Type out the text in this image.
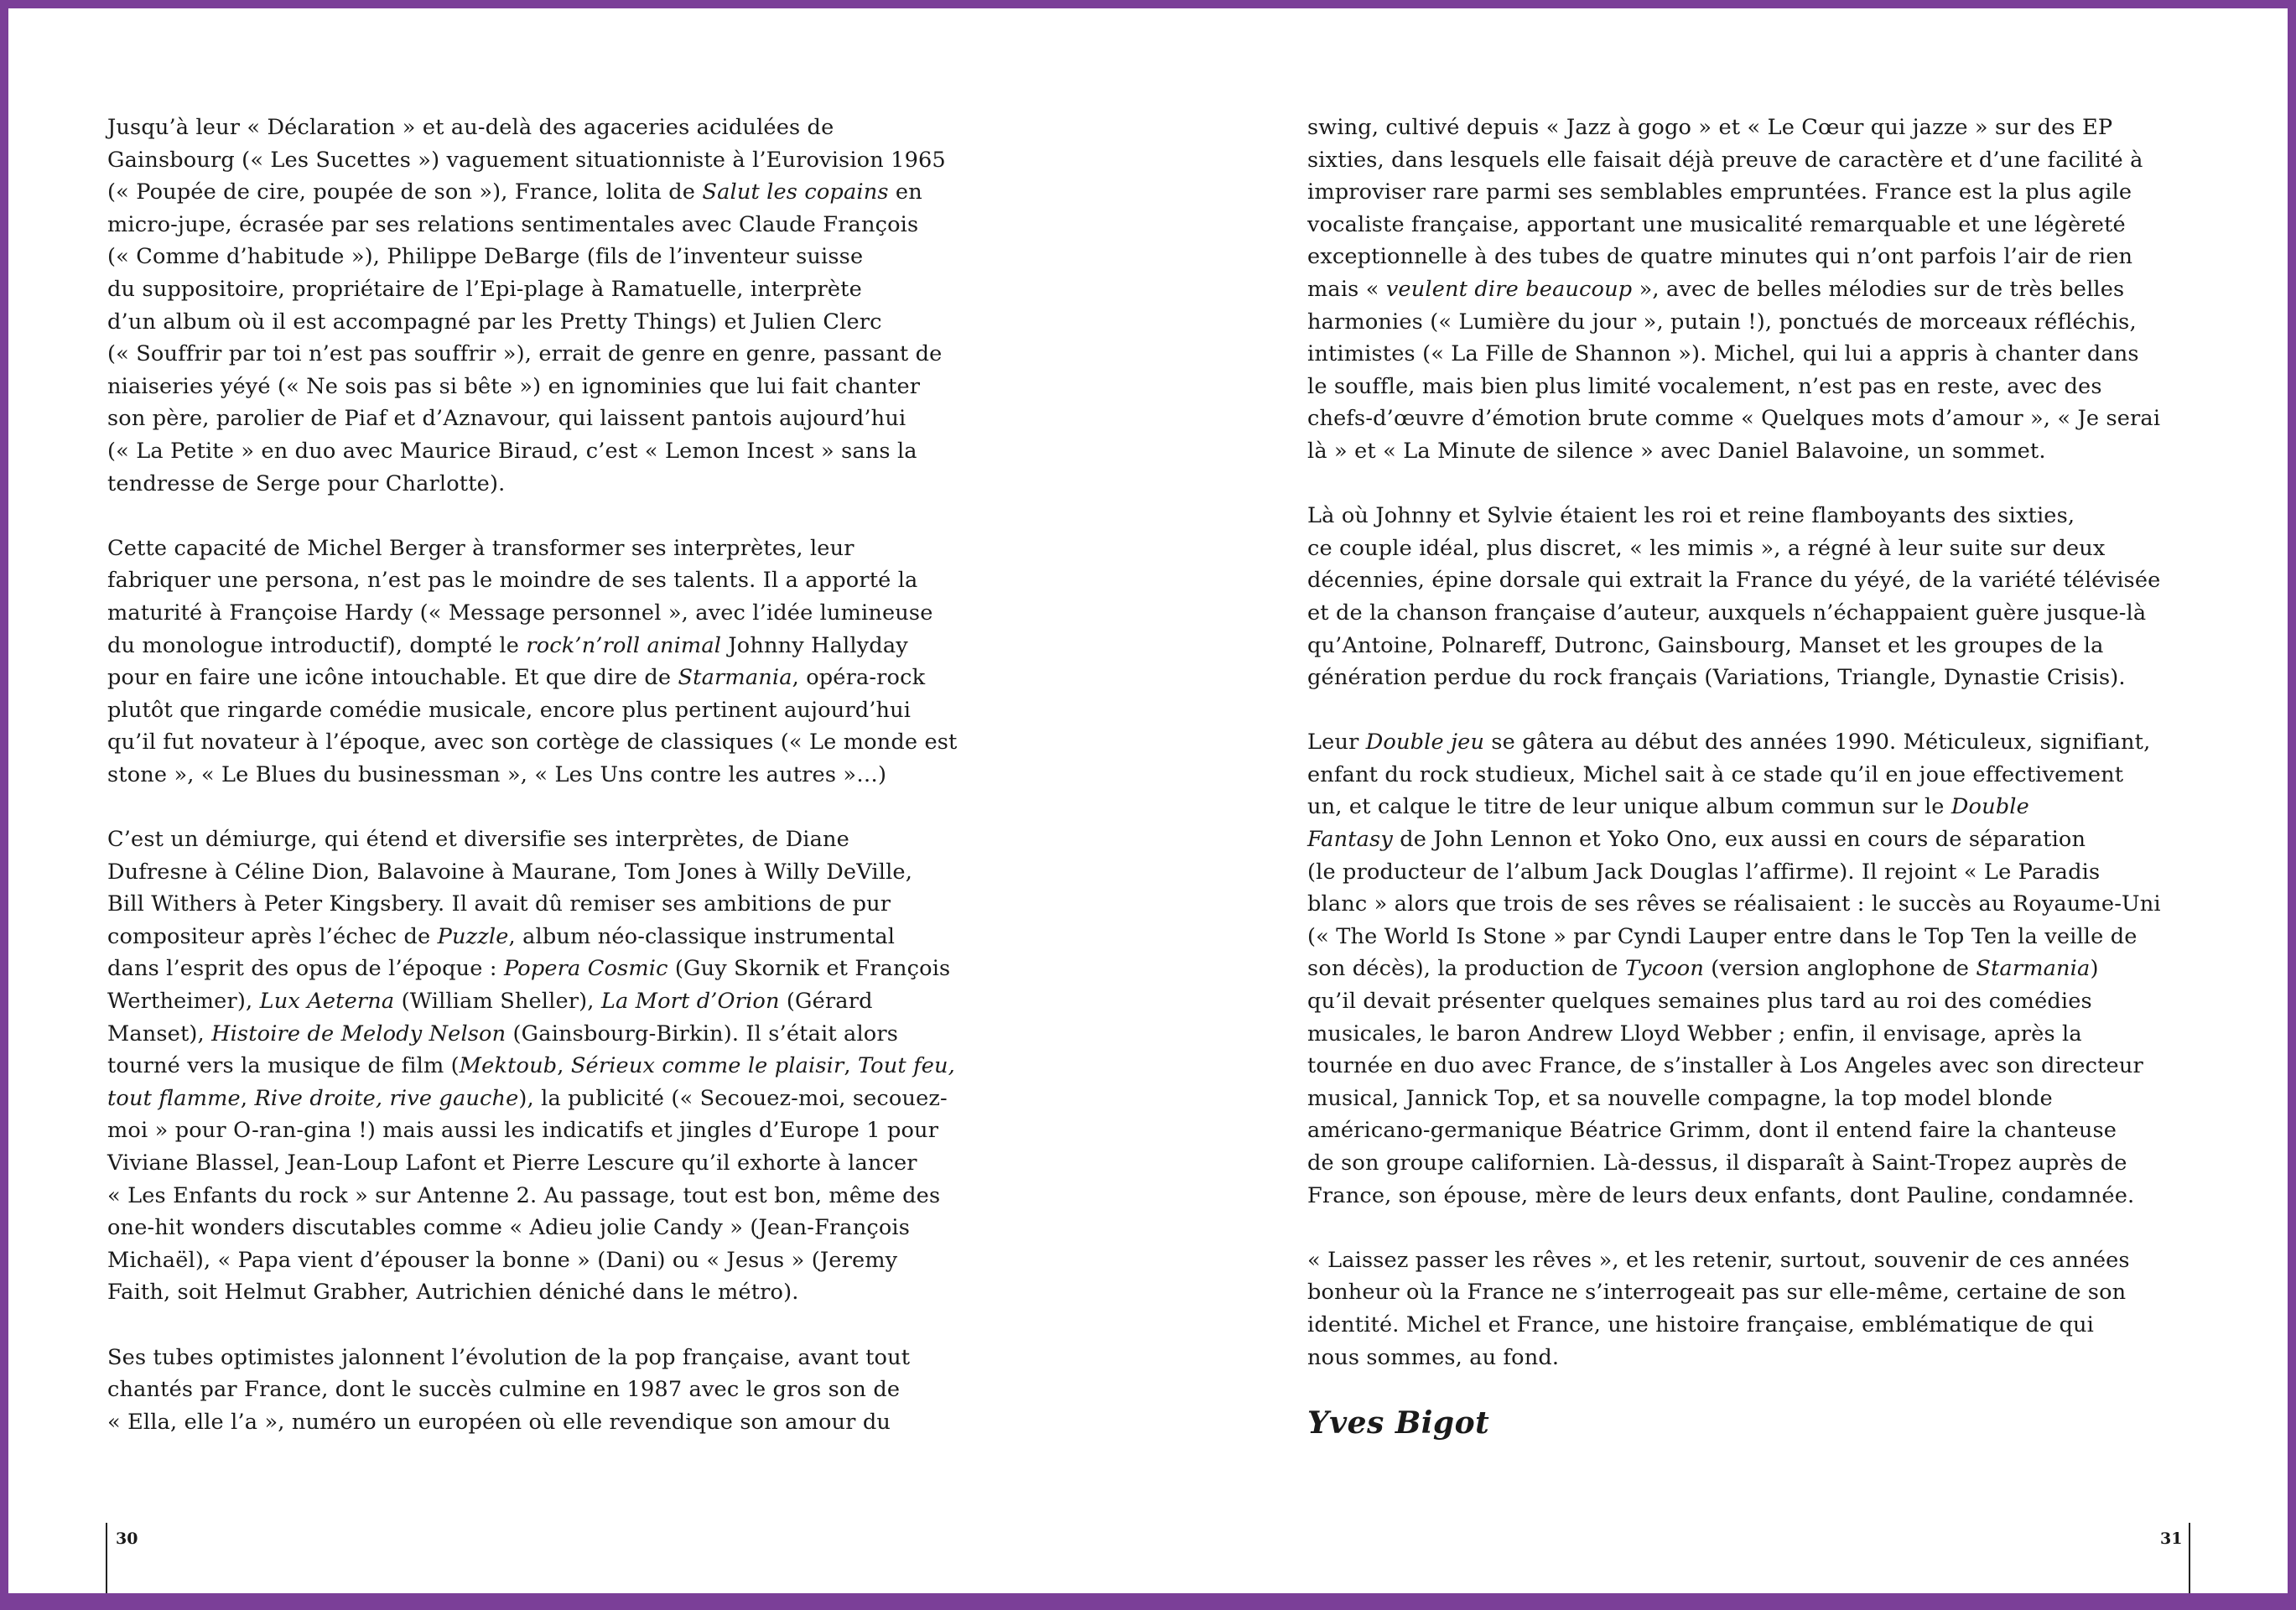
Jusqu’à leur « Déclaration » et au-delà des agaceries acidulées de
Gainsbourg (« Les Sucettes ») vaguement situationniste à l’Eurovision 1965
(« Poupée de cire, poupée de son »), France, lolita de Salut les copains en
micro-jupe, écrasée par ses relations sentimentales avec Claude François
(« Comme d’habitude »), Philippe DeBarge (fils de l’inventeur suisse
du suppositoire, propriétaire de l’Epi-plage à Ramatuelle, interprète
d’un album où il est accompagné par les Pretty Things) et Julien Clerc
(« Souffrir par toi n’est pas souffrir »), errait de genre en genre, passant de
niaiseries yéyé (« Ne sois pas si bête ») en ignominies que lui fait chanter
son père, parolier de Piaf et d’Aznavour, qui laissent pantois aujourd’hui
(« La Petite » en duo avec Maurice Biraud, c’est « Lemon Incest » sans la
tendresse de Serge pour Charlotte).

Cette capacité de Michel Berger à transformer ses interprètes, leur
fabriquer une persona, n’est pas le moindre de ses talents. Il a apporté la
maturité à Françoise Hardy (« Message personnel », avec l’idée lumineuse
du monologue introductif), dompté le rock’n’roll animal Johnny Hallyday
pour en faire une icône intouchable. Et que dire de Starmania, opéra-rock
plutôt que ringarde comédie musicale, encore plus pertinent aujourd’hui
qu’il fut novateur à l’époque, avec son cortège de classiques (« Le monde est
stone », « Le Blues du businessman », « Les Uns contre les autres »…)

C’est un démiurge, qui étend et diversifie ses interprètes, de Diane
Dufresne à Céline Dion, Balavoine à Maurane, Tom Jones à Willy DeVille,
Bill Withers à Peter Kingsbery. Il avait dû remiser ses ambitions de pur
compositeur après l’échec de Puzzle, album néo-classique instrumental
dans l’esprit des opus de l’époque : Popera Cosmic (Guy Skornik et François
Wertheimer), Lux Aeterna (William Sheller), La Mort d’Orion (Gérard
Manset), Histoire de Melody Nelson (Gainsbourg-Birkin). Il s’était alors
tourné vers la musique de film (Mektoub, Sérieux comme le plaisir, Tout feu,
tout flamme, Rive droite, rive gauche), la publicité (« Secouez-moi, secouez-
moi » pour O-ran-gina !) mais aussi les indicatifs et jingles d’Europe 1 pour
Viviane Blassel, Jean-Loup Lafont et Pierre Lescure qu’il exhorte à lancer
« Les Enfants du rock » sur Antenne 2. Au passage, tout est bon, même des
one-hit wonders discutables comme « Adieu jolie Candy » (Jean-François
Michaël), « Papa vient d’épouser la bonne » (Dani) ou « Jesus » (Jeremy
Faith, soit Helmut Grabher, Autrichien déniché dans le métro).

Ses tubes optimistes jalonnent l’évolution de la pop française, avant tout
chantés par France, dont le succès culmine en 1987 avec le gros son de
« Ella, elle l’a », numéro un européen où elle revendique son amour du

swing, cultivé depuis « Jazz à gogo » et « Le Cœur qui jazze » sur des EP
sixties, dans lesquels elle faisait déjà preuve de caractère et d’une facilité à
improviser rare parmi ses semblables empruntées. France est la plus agile
vocaliste française, apportant une musicalité remarquable et une légèreté
exceptionnelle à des tubes de quatre minutes qui n’ont parfois l’air de rien
mais « veulent dire beaucoup », avec de belles mélodies sur de très belles
harmonies (« Lumière du jour », putain !), ponctués de morceaux réfléchis,
intimistes (« La Fille de Shannon »). Michel, qui lui a appris à chanter dans
le souffle, mais bien plus limité vocalement, n’est pas en reste, avec des
chefs-d’œuvre d’émotion brute comme « Quelques mots d’amour », « Je serai
là » et « La Minute de silence » avec Daniel Balavoine, un sommet.

Là où Johnny et Sylvie étaient les roi et reine flamboyants des sixties,
ce couple idéal, plus discret, « les mimis », a régné à leur suite sur deux
décennies, épine dorsale qui extrait la France du yéyé, de la variété télévisée
et de la chanson française d’auteur, auxquels n’échappaient guère jusque-là
qu’Antoine, Polnareff, Dutronc, Gainsbourg, Manset et les groupes de la
génération perdue du rock français (Variations, Triangle, Dynastie Crisis).

Leur Double jeu se gâtera au début des années 1990. Méticuleux, signifiant,
enfant du rock studieux, Michel sait à ce stade qu’il en joue effectivement
un, et calque le titre de leur unique album commun sur le Double
Fantasy de John Lennon et Yoko Ono, eux aussi en cours de séparation
(le producteur de l’album Jack Douglas l’affirme). Il rejoint « Le Paradis
blanc » alors que trois de ses rêves se réalisaient : le succès au Royaume-Uni
(« The World Is Stone » par Cyndi Lauper entre dans le Top Ten la veille de
son décès), la production de Tycoon (version anglophone de Starmania)
qu’il devait présenter quelques semaines plus tard au roi des comédies
musicales, le baron Andrew Lloyd Webber ; enfin, il envisage, après la
tournée en duo avec France, de s’installer à Los Angeles avec son directeur
musical, Jannick Top, et sa nouvelle compagne, la top model blonde
américano-germanique Béatrice Grimm, dont il entend faire la chanteuse
de son groupe californien. Là-dessus, il disparaît à Saint-Tropez auprès de
France, son épouse, mère de leurs deux enfants, dont Pauline, condamnée.

« Laissez passer les rêves », et les retenir, surtout, souvenir de ces années
bonheur où la France ne s’interrogeait pas sur elle-même, certaine de son
identité. Michel et France, une histoire française, emblématique de qui
nous sommes, au fond.

Yves Bigot
30	31
